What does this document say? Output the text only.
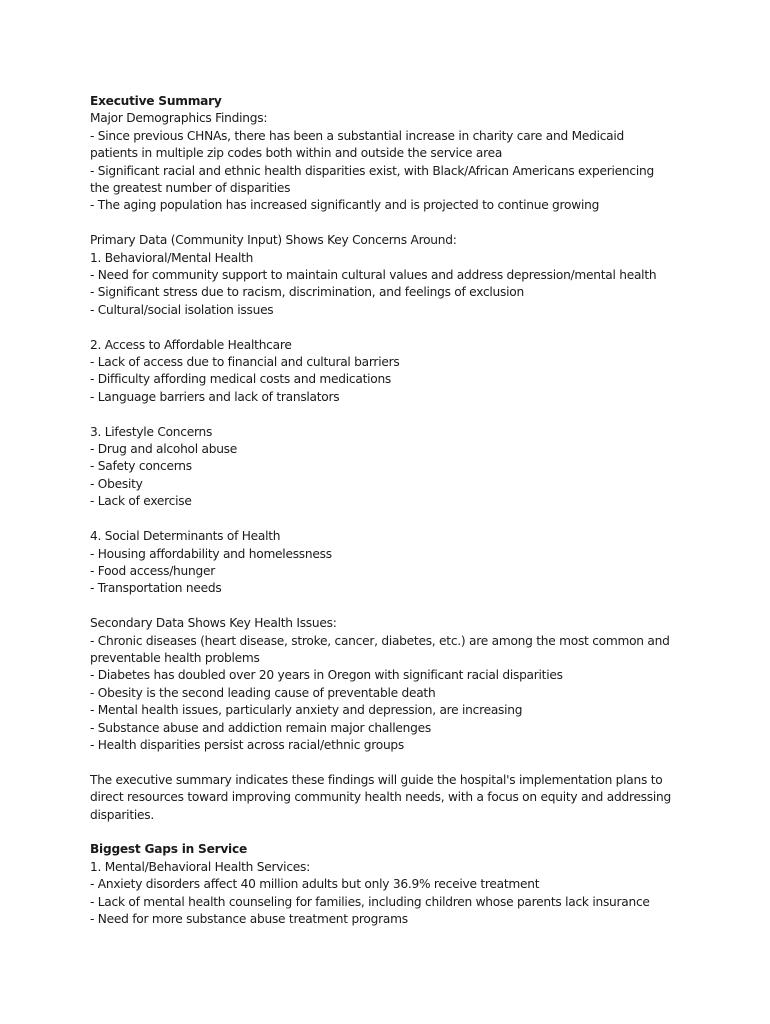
Executive Summary

Major Demographics Findings:

- Since previous CHNAs, there has been a substantial increase in charity care and Medicaid

patients in multiple zip codes both within and outside the service area

- Significant racial and ethnic health disparities exist, with Black/African Americans experiencing

the greatest number of disparities

- The aging population has increased significantly and is projected to continue growing

Primary Data (Community Input) Shows Key Concerns Around:

1. Behavioral/Mental Health

- Need for community support to maintain cultural values and address depression/mental health

- Significant stress due to racism, discrimination, and feelings of exclusion

- Cultural/social isolation issues

2. Access to Affordable Healthcare

- Lack of access due to financial and cultural barriers

- Difficulty affording medical costs and medications

- Language barriers and lack of translators

3. Lifestyle Concerns

- Drug and alcohol abuse

- Safety concerns

- Obesity

- Lack of exercise

4. Social Determinants of Health

- Housing affordability and homelessness

- Food access/hunger

- Transportation needs

Secondary Data Shows Key Health Issues:

- Chronic diseases (heart disease, stroke, cancer, diabetes, etc.) are among the most common and

preventable health problems

- Diabetes has doubled over 20 years in Oregon with significant racial disparities

- Obesity is the second leading cause of preventable death

- Mental health issues, particularly anxiety and depression, are increasing

- Substance abuse and addiction remain major challenges

- Health disparities persist across racial/ethnic groups

The executive summary indicates these findings will guide the hospital's implementation plans to

direct resources toward improving community health needs, with a focus on equity and addressing

disparities.

Biggest Gaps in Service

1. Mental/Behavioral Health Services:

- Anxiety disorders affect 40 million adults but only 36.9% receive treatment

- Lack of mental health counseling for families, including children whose parents lack insurance

- Need for more substance abuse treatment programs
